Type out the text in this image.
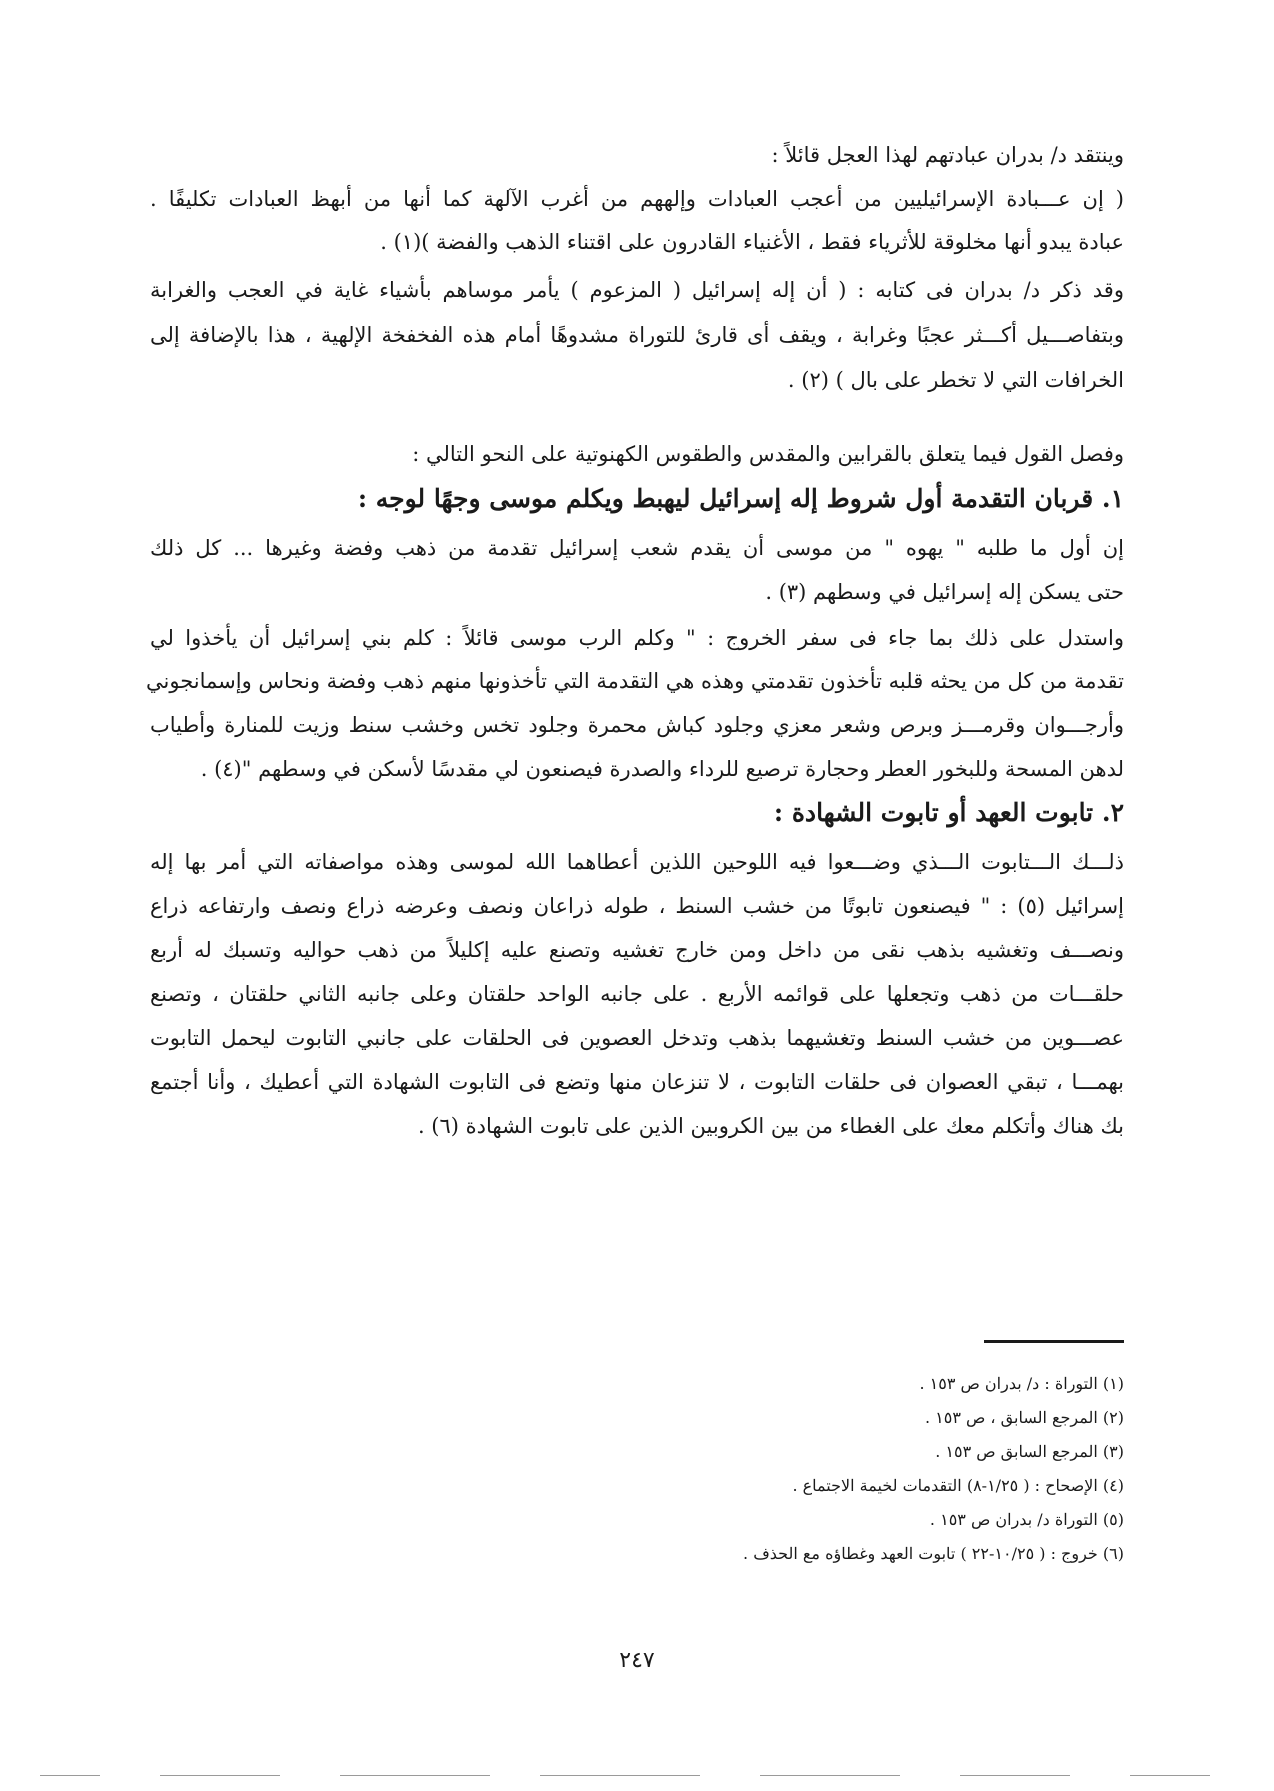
وينتقد د/ بدران عبادتهم لهذا العجل قائلاً :
( إن عـــبادة الإسرائيليين من أعجب العبادات وإلههم من أغرب الآلهة كما أنها من أبهظ العبادات تكليفًا .
عبادة يبدو أنها مخلوقة للأثرياء فقط ، الأغنياء القادرون على اقتناء الذهب والفضة )(١) .
وقد ذكر د/ بدران فى كتابه : ( أن إله إسرائيل ( المزعوم ) يأمر موساهم بأشياء غاية في العجب والغرابة
وبتفاصـــيل أكـــثر عجبًا وغرابة ، ويقف أى قارئ للتوراة مشدوهًا أمام هذه الفخفخة الإلهية ، هذا بالإضافة إلى
الخرافات التي لا تخطر على بال ) (٢) .
وفصل القول فيما يتعلق بالقرابين والمقدس والطقوس الكهنوتية على النحو التالي :
١. قربان التقدمة أول شروط إله إسرائيل ليهبط ويكلم موسى وجهًا لوجه :
إن أول ما طلبه " يهوه " من موسى أن يقدم شعب إسرائيل تقدمة من ذهب وفضة وغيرها ... كل ذلك
حتى يسكن إله إسرائيل في وسطهم (٣) .
واستدل على ذلك بما جاء فى سفر الخروج : " وكلم الرب موسى قائلاً : كلم بني إسرائيل أن يأخذوا لي
تقدمة من كل من يحثه قلبه تأخذون تقدمتي وهذه هي التقدمة التي تأخذونها منهم ذهب وفضة ونحاس وإسمانجوني
وأرجـــوان وقرمـــز وبرص وشعر معزي وجلود كباش محمرة وجلود تخس وخشب سنط وزيت للمنارة وأطياب
لدهن المسحة وللبخور العطر وحجارة ترصيع للرداء والصدرة فيصنعون لي مقدسًا لأسكن في وسطهم "(٤) .
٢. تابوت العهد أو تابوت الشهادة :
ذلـــك الـــتابوت الـــذي وضـــعوا فيه اللوحين اللذين أعطاهما الله لموسى وهذه مواصفاته التي أمر بها إله
إسرائيل (٥) : " فيصنعون تابوتًا من خشب السنط ، طوله ذراعان ونصف وعرضه ذراع ونصف وارتفاعه ذراع
ونصـــف وتغشيه بذهب نقى من داخل ومن خارج تغشيه وتصنع عليه إكليلاً من ذهب حواليه وتسبك له أربع
حلقـــات من ذهب وتجعلها على قوائمه الأربع . على جانبه الواحد حلقتان وعلى جانبه الثاني حلقتان ، وتصنع
عصـــوين من خشب السنط وتغشيهما بذهب وتدخل العصوين فى الحلقات على جانبي التابوت ليحمل التابوت
بهمـــا ، تبقي العصوان فى حلقات التابوت ، لا تنزعان منها وتضع فى التابوت الشهادة التي أعطيك ، وأنا أجتمع
بك هناك وأتكلم معك على الغطاء من بين الكروبين الذين على تابوت الشهادة (٦) .
(١) التوراة : د/ بدران ص ١٥٣ .
(٢) المرجع السابق ، ص ١٥٣ .
(٣) المرجع السابق ص ١٥٣ .
(٤) الإصحاح : ( ١/٢٥-٨) التقدمات لخيمة الاجتماع .
(٥) التوراة د/ بدران ص ١٥٣ .
(٦) خروج : ( ١٠/٢٥-٢٢ ) تابوت العهد وغطاؤه مع الحذف .
٢٤٧
